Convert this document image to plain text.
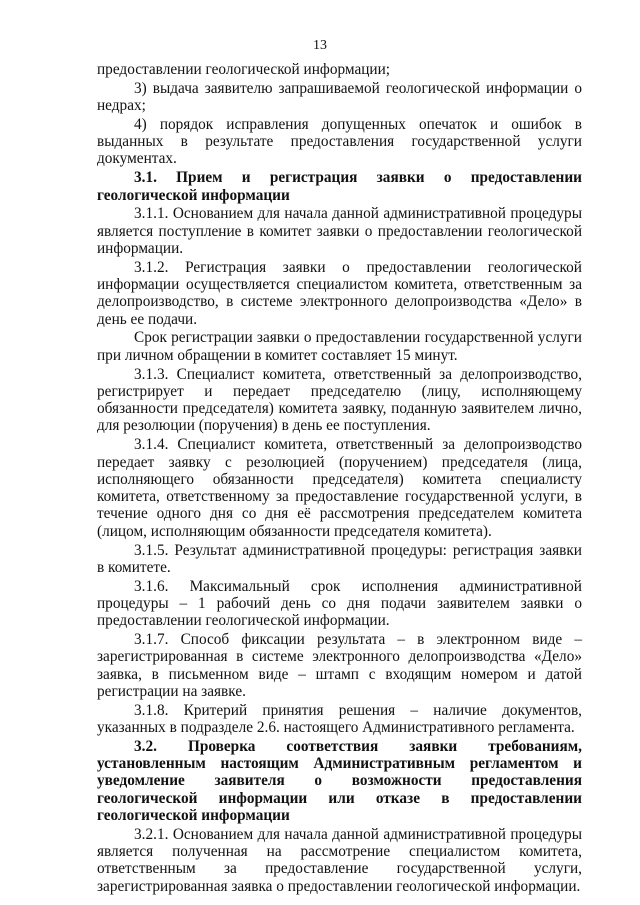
13

предоставлении геологической информации;

3) выдача заявителю запрашиваемой геологической информации о недрах;

4) порядок исправления допущенных опечаток и ошибок в выданных в результате предоставления государственной услуги документах.

3.1. Прием и регистрация заявки о предоставлении геологической информации

3.1.1. Основанием для начала данной административной процедуры является поступление в комитет заявки о предоставлении геологической информации.

3.1.2. Регистрация заявки о предоставлении геологической информации осуществляется специалистом комитета, ответственным за делопроизводство, в системе электронного делопроизводства «Дело» в день ее подачи.

Срок регистрации заявки о предоставлении государственной услуги при личном обращении в комитет составляет 15 минут.

3.1.3. Специалист комитета, ответственный за делопроизводство, регистрирует и передает председателю (лицу, исполняющему обязанности председателя) комитета заявку, поданную заявителем лично, для резолюции (поручения) в день ее поступления.

3.1.4. Специалист комитета, ответственный за делопроизводство передает заявку с резолюцией (поручением) председателя (лица, исполняющего обязанности председателя) комитета специалисту комитета, ответственному за предоставление государственной услуги, в течение одного дня со дня её рассмотрения председателем комитета (лицом, исполняющим обязанности председателя комитета).

3.1.5. Результат административной процедуры: регистрация заявки в комитете.

3.1.6. Максимальный срок исполнения административной процедуры – 1 рабочий день со дня подачи заявителем заявки о предоставлении геологической информации.

3.1.7. Способ фиксации результата – в электронном виде – зарегистрированная в системе электронного делопроизводства «Дело» заявка, в письменном виде – штамп с входящим номером и датой регистрации на заявке.

3.1.8. Критерий принятия решения – наличие документов, указанных в подразделе 2.6. настоящего Административного регламента.

3.2. Проверка соответствия заявки требованиям, установленным настоящим Административным регламентом и уведомление заявителя о возможности предоставления геологической информации или отказе в предоставлении геологической информации

3.2.1. Основанием для начала данной административной процедуры является полученная на рассмотрение специалистом комитета, ответственным за предоставление государственной услуги, зарегистрированная заявка о предоставлении геологической информации.
